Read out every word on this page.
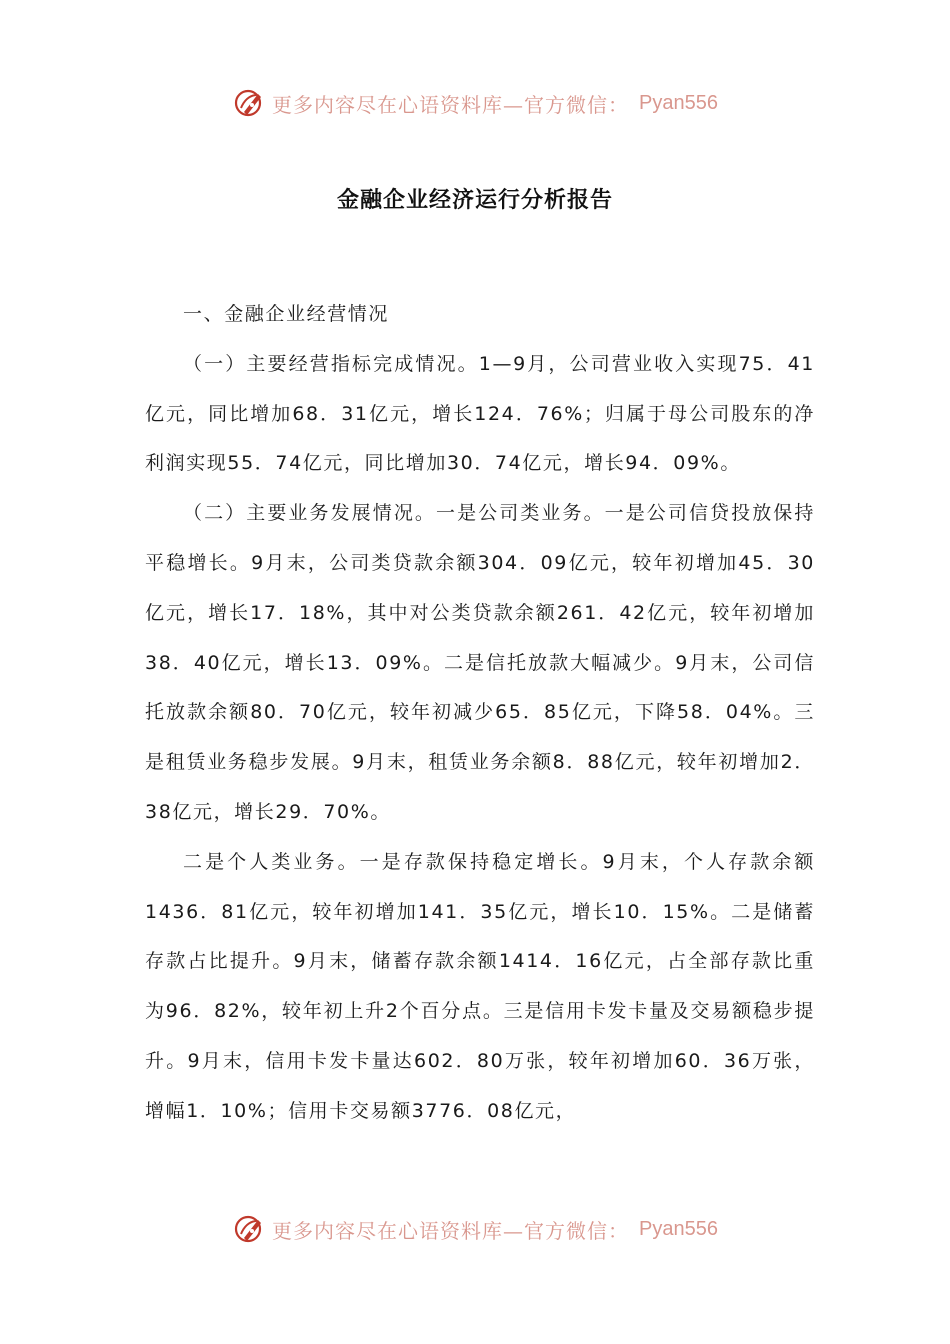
更多内容尽在心语资料库—官方微信： Pyan556
金融企业经济运行分析报告

一、金融企业经营情况

（一）主要经营指标完成情况。1—9月，公司营业收入实现75．41亿元，同比增加68．31亿元，增长124．76%；归属于母公司股东的净利润实现55．74亿元，同比增加30．74亿元，增长94．09%。

（二）主要业务发展情况。一是公司类业务。一是公司信贷投放保持平稳增长。9月末，公司类贷款余额304．09亿元，较年初增加45．30亿元，增长17．18%，其中对公类贷款余额261．42亿元，较年初增加38．40亿元，增长13．09%。二是信托放款大幅减少。9月末，公司信托放款余额80．70亿元，较年初减少65．85亿元，下降58．04%。三是租赁业务稳步发展。9月末，租赁业务余额8．88亿元，较年初增加2．38亿元，增长29．70%。

二是个人类业务。一是存款保持稳定增长。9月末，个人存款余额1436．81亿元，较年初增加141．35亿元，增长10．15%。二是储蓄存款占比提升。9月末，储蓄存款余额1414．16亿元，占全部存款比重为96．82%，较年初上升2个百分点。三是信用卡发卡量及交易额稳步提升。9月末，信用卡发卡量达602．80万张，较年初增加60．36万张，增幅1．10%；信用卡交易额3776．08亿元，

更多内容尽在心语资料库—官方微信： Pyan556
